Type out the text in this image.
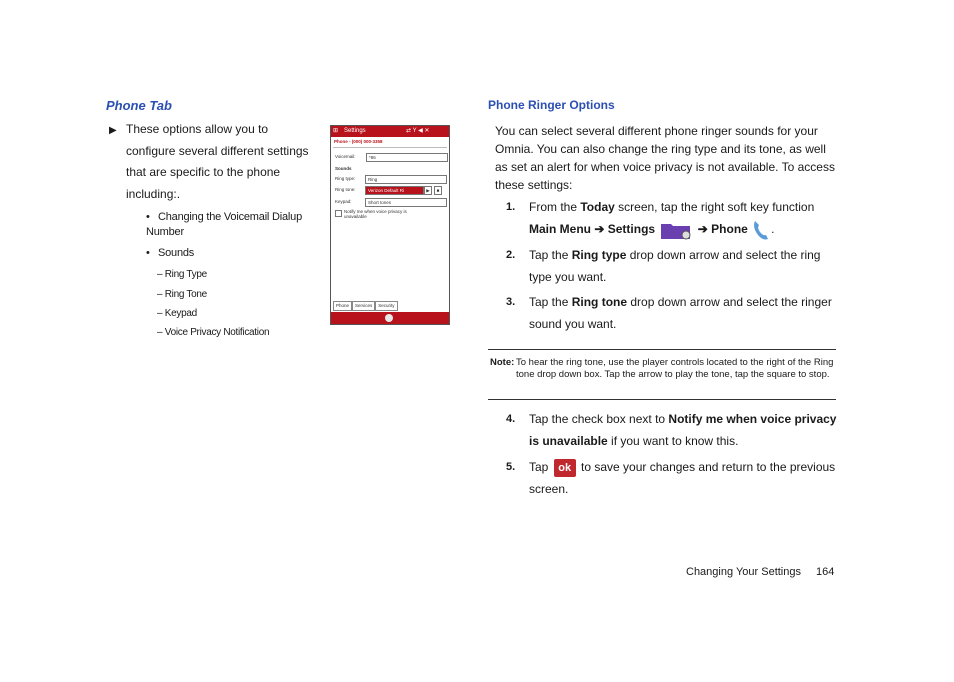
Phone Tab
▶ These options allow you to configure several different settings that are specific to the phone including:.
• Changing the Voicemail Dialup Number
• Sounds
– Ring Type
– Ring Tone
– Keypad
– Voice Privacy Notification
⊞ Settings	⇄ Y ◀ ✕
Phone - (000) 000-3358
Voicemail:	*86
Sounds
Ring type:	Ring
Ring tone:	Verizon Default Ri	▶	■
Keypad:	Short tones
Notify me when voice privacy is unavailable
Phone Services Security
Phone Ringer Options
You can select several different phone ringer sounds for your Omnia. You can also change the ring type and its tone, as well as set an alert for when voice privacy is not available. To access these settings:
1. From the Today screen, tap the right soft key function Main Menu ➔ Settings	➔ Phone .
2. Tap the Ring type drop down arrow and select the ring type you want.
3. Tap the Ring tone drop down arrow and select the ringer sound you want.
Note: To hear the ring tone, use the player controls located to the right of the Ring tone drop down box. Tap the arrow to play the tone, tap the square to stop.
4. Tap the check box next to Notify me when voice privacy is unavailable if you want to know this.
5. Tap ok to save your changes and return to the previous screen.
Changing Your Settings 164
